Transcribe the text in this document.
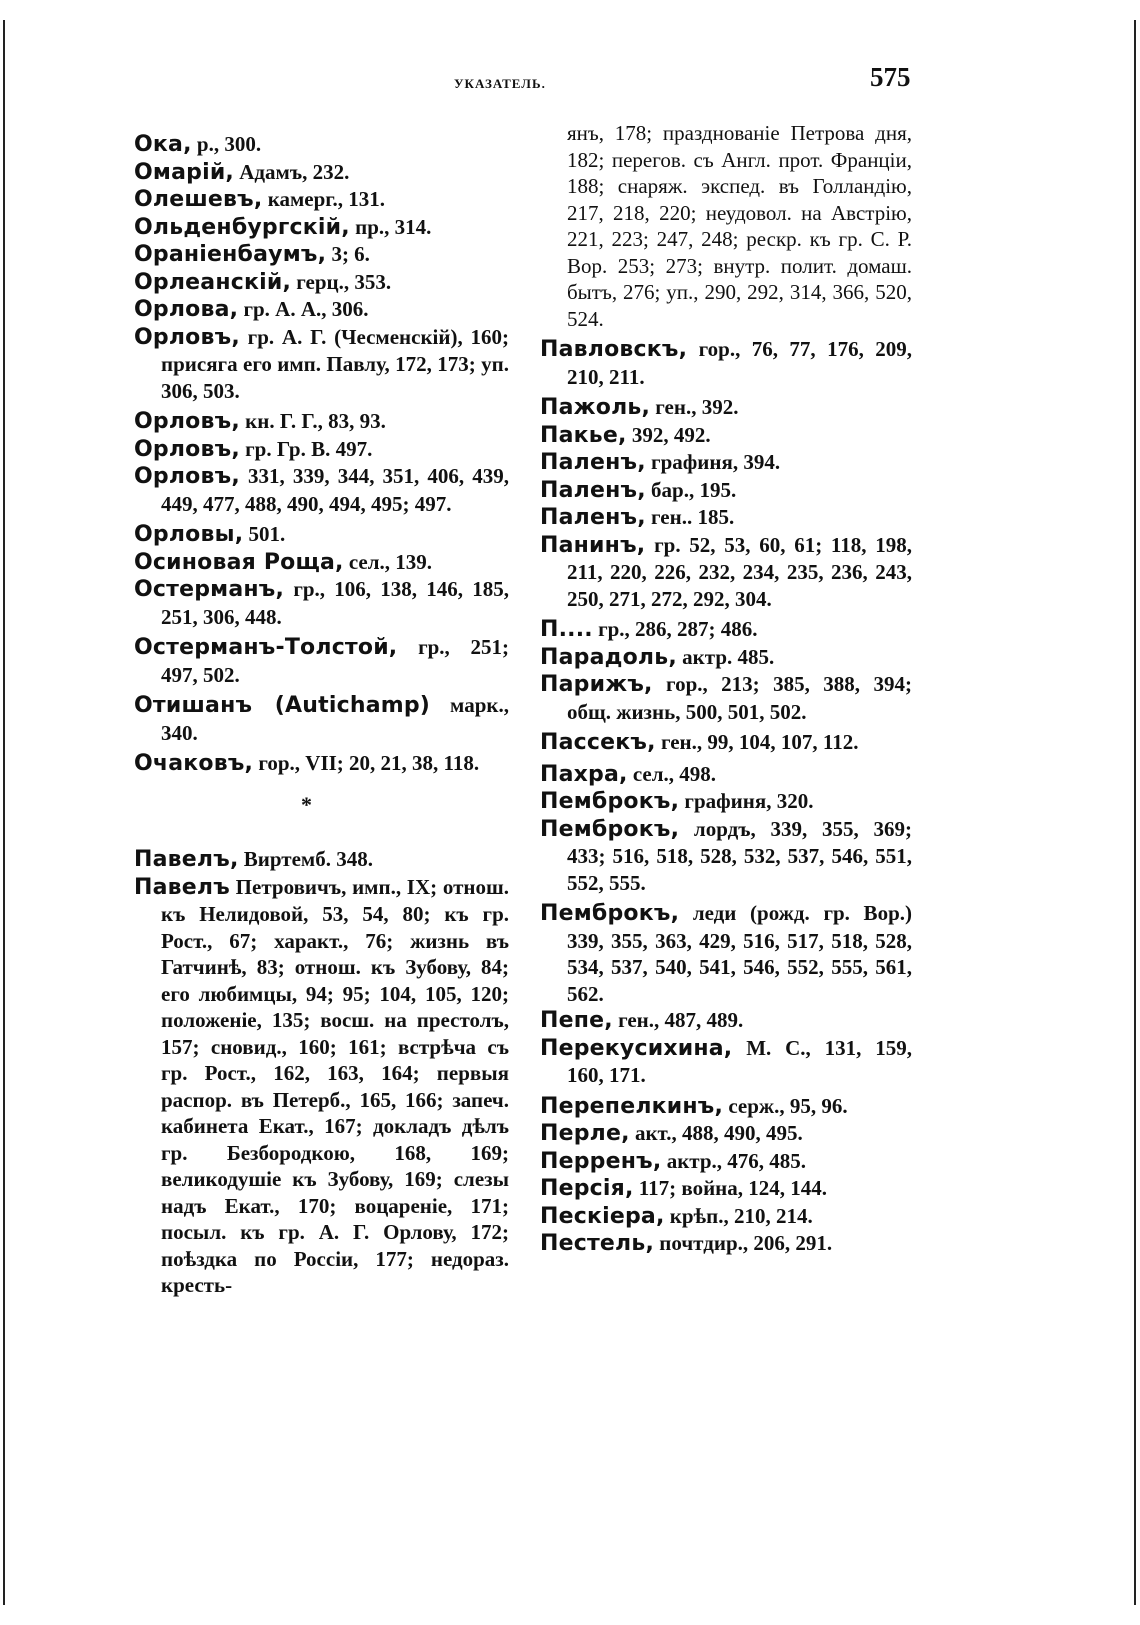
УКАЗАТЕЛЬ.	575

Ока, р., 300.

Омарій, Адамъ, 232.

Олешевъ, камерг., 131.

Ольденбургскій, пр., 314.

Ораніенбаумъ, 3; 6.

Орлеанскій, герц., 353.

Орлова, гр. А. А., 306.

Орловъ, гр. А. Г. (Чесменскій), 160; присяга его имп. Павлу, 172, 173; уп. 306, 503.

Орловъ, кн. Г. Г., 83, 93.

Орловъ, гр. Гр. В. 497.

Орловъ, 331, 339, 344, 351, 406, 439, 449, 477, 488, 490, 494, 495; 497.

Орловы, 501.

Осиновая Роща, сел., 139.

Остерманъ, гр., 106, 138, 146, 185, 251, 306, 448.

Остерманъ-Толстой, гр., 251; 497, 502.

Отишанъ (Autichamp) марк., 340.

Очаковъ, гор., VII; 20, 21, 38, 118.

*

Павелъ, Виртемб. 348.

Павелъ Петровичъ, имп., IX; отнош. къ Нелидовой, 53, 54, 80; къ гр. Рост., 67; характ., 76; жизнь въ Гатчинѣ, 83; отнош. къ Зубову, 84; его любимцы, 94; 95; 104, 105, 120; положеніе, 135; восш. на престолъ, 157; сновид., 160; 161; встрѣча съ гр. Рост., 162, 163, 164; первыя распор. въ Петерб., 165, 166; запеч. кабинета Екат., 167; докладъ дѣлъ гр. Безбородкою, 168, 169; великодушіе къ Зубову, 169; слезы надъ Екат., 170; воцареніе, 171; посыл. къ гр. А. Г. Орлову, 172; поѣздка по Россіи, 177; недораз. кресть-

янъ, 178; празднованіе Петрова дня, 182; перегов. съ Англ. прот. Франціи, 188; снаряж. экспед. въ Голландію, 217, 218, 220; неудовол. на Австрію, 221, 223; 247, 248; рескр. къ гр. С. Р. Вор. 253; 273; внутр. полит. домаш. бытъ, 276; уп., 290, 292, 314, 366, 520, 524.

Павловскъ, гор., 76, 77, 176, 209, 210, 211.

Пажоль, ген., 392.

Пакье, 392, 492.

Паленъ, графиня, 394.

Паленъ, бар., 195.

Паленъ, ген.. 185.

Панинъ, гр. 52, 53, 60, 61; 118, 198, 211, 220, 226, 232, 234, 235, 236, 243, 250, 271, 272, 292, 304.

П.... гр., 286, 287; 486.

Парадоль, актр. 485.

Парижъ, гор., 213; 385, 388, 394; общ. жизнь, 500, 501, 502.

Пассекъ, ген., 99, 104, 107, 112.

Пахра, сел., 498.

Пемброкъ, графиня, 320.

Пемброкъ, лордъ, 339, 355, 369; 433; 516, 518, 528, 532, 537, 546, 551, 552, 555.

Пемброкъ, леди (рожд. гр. Вор.) 339, 355, 363, 429, 516, 517, 518, 528, 534, 537, 540, 541, 546, 552, 555, 561, 562.

Пепе, ген., 487, 489.

Перекусихина, М. С., 131, 159, 160, 171.

Перепелкинъ, серж., 95, 96.

Перле, акт., 488, 490, 495.

Перренъ, актр., 476, 485.

Персія, 117; война, 124, 144.

Пескіера, крѣп., 210, 214.

Пестель, почтдир., 206, 291.
